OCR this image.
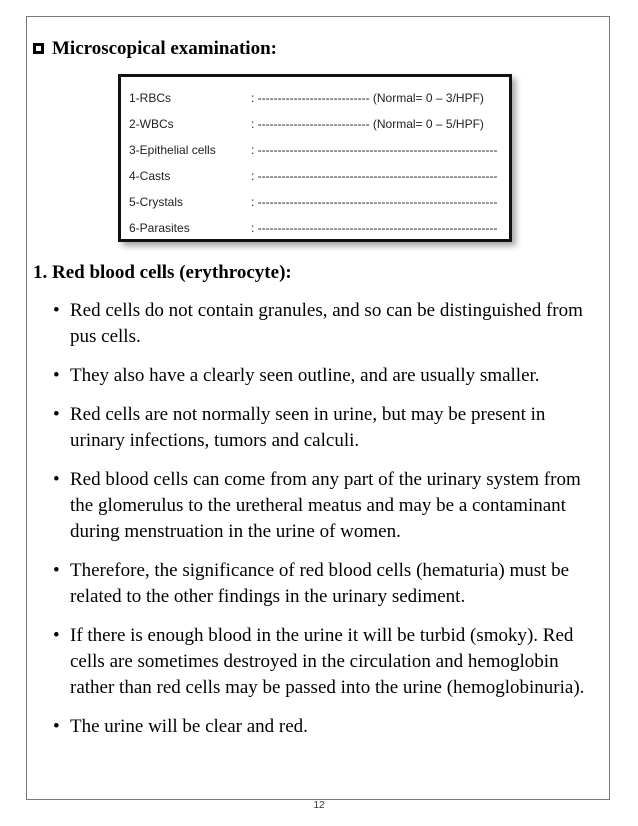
Microscopical examination:
1-RBCs	: ---------------------------- (Normal= 0 – 3/HPF)
2-WBCs	: ---------------------------- (Normal= 0 – 5/HPF)
3-Epithelial cells	: ------------------------------------------------------------
4-Casts	: ------------------------------------------------------------
5-Crystals	: ------------------------------------------------------------
6-Parasites	: ------------------------------------------------------------
1. Red blood cells (erythrocyte):
• Red cells do not contain granules, and so can be distinguished from pus cells.
• They also have a clearly seen outline, and are usually smaller.
• Red cells are not normally seen in urine, but may be present in urinary infections, tumors and calculi.
• Red blood cells can come from any part of the urinary system from the glomerulus to the uretheral meatus and may be a contaminant during menstruation in the urine of women.
• Therefore, the significance of red blood cells (hematuria) must be related to the other findings in the urinary sediment.
• If there is enough blood in the urine it will be turbid (smoky). Red cells are sometimes destroyed in the circulation and hemoglobin rather than red cells may be passed into the urine (hemoglobinuria).
• The urine will be clear and red.
12
